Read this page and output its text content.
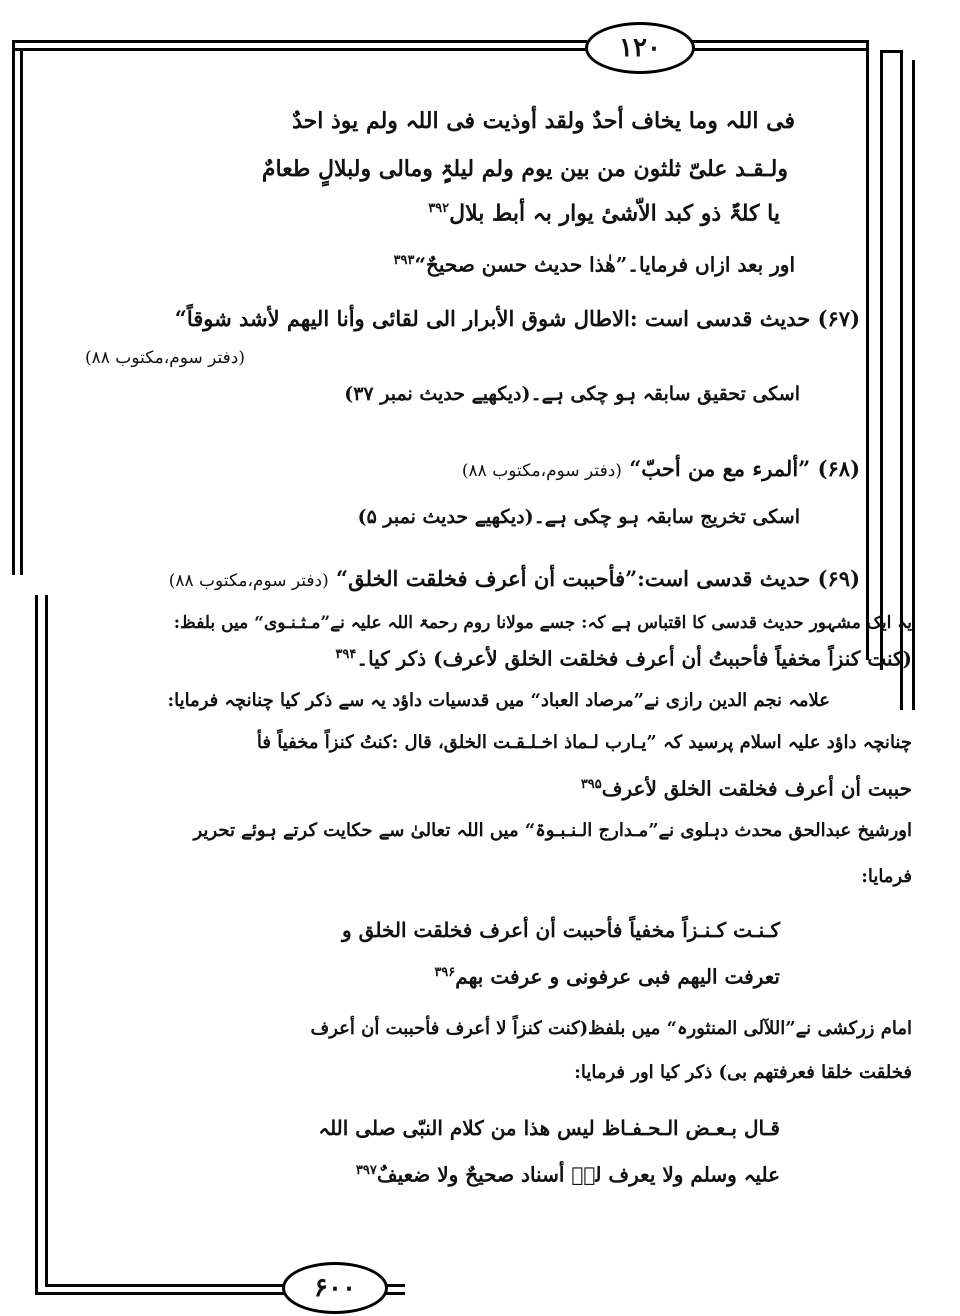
۱۲۰
۶۰۰
فی اللہ وما یخاف أحدٌ ولقد أوذیت فی اللہ ولم یوذ احدٌ
ولـقـد علیّ ثلثون من بین یوم ولم لیلۃٍ ومالی ولبلالٍ طعامٌ
یا کلۃٌ ذو کبد الاّشیٔ یوار بہ أبط بلال$^{۳۹۲}$
اور بعد ازاں فرمایا۔”ھٰذا حدیث حسن صحیحٌ“$^{۳۹۳}$
(۶۷) حدیث قدسی است :الاطال شوق الأبرار الی لقائی وأنا الیھم لأشد شوقاً“
(دفتر سوم،مکتوب ۸۸)
اسکی تحقیق سابقہ ہو چکی ہے۔(دیکھیے حدیث نمبر ۳۷)
(۶۸) ”ألمرء مع من أحبّ“ (دفتر سوم،مکتوب ۸۸)
اسکی تخریج سابقہ ہو چکی ہے۔(دیکھیے حدیث نمبر ۵)
(۶۹) حدیث قدسی است:”فأحببت أن أعرف فخلقت الخلق“ (دفتر سوم،مکتوب ۸۸)
یہ ایک مشہور حدیث قدسی کا اقتباس ہے کہ: جسے مولانا روم رحمۃ اللہ علیہ نے”مـثـنـوی“ میں بلفظ:
(کنت کنزاً مخفیاً فأحببتُ أن أعرف فخلقت الخلق لأعرف) ذکر کیا۔$^{۳۹۴}$
علامہ نجم الدین رازی نے”مرصاد العباد“ میں قدسیات داؤد یہ سے ذکر کیا چنانچہ فرمایا:
چنانچہ داؤد علیہ اسلام پرسید کہ ”یـارب لـماذ اخـلـقـت الخلق، قال :کنتُ کنزاً مخفیاً فأ
حببت أن أعرف فخلقت الخلق لأعرف$^{۳۹۵}$
اورشیخ عبدالحق محدث دہلوی نے”مـدارج الـنـبـوۃ“ میں اللہ تعالیٰ سے حکایت کرتے ہوئے تحریر
فرمایا:
کـنـت کـنـزاً مخفیاً فأحببت أن أعرف فخلقت الخلق و
تعرفت الیھم فبی عرفونی و عرفت بھم$^{۳۹۶}$
امام زرکشی نے”اللآلی المنثورہ“ میں بلفظ(کنت کنزاً لا أعرف فأحببت أن أعرف
فخلقت خلقا فعرفتھم بی) ذکر کیا اور فرمایا:
قـال بـعـض الـحـفـاظ لیس ھذا من کلام النبّی صلی اللہ
علیہ وسلم ولا یعرف لہٗ أسناد صحیحٌ ولا ضعیفٌ$^{۳۹۷}$
